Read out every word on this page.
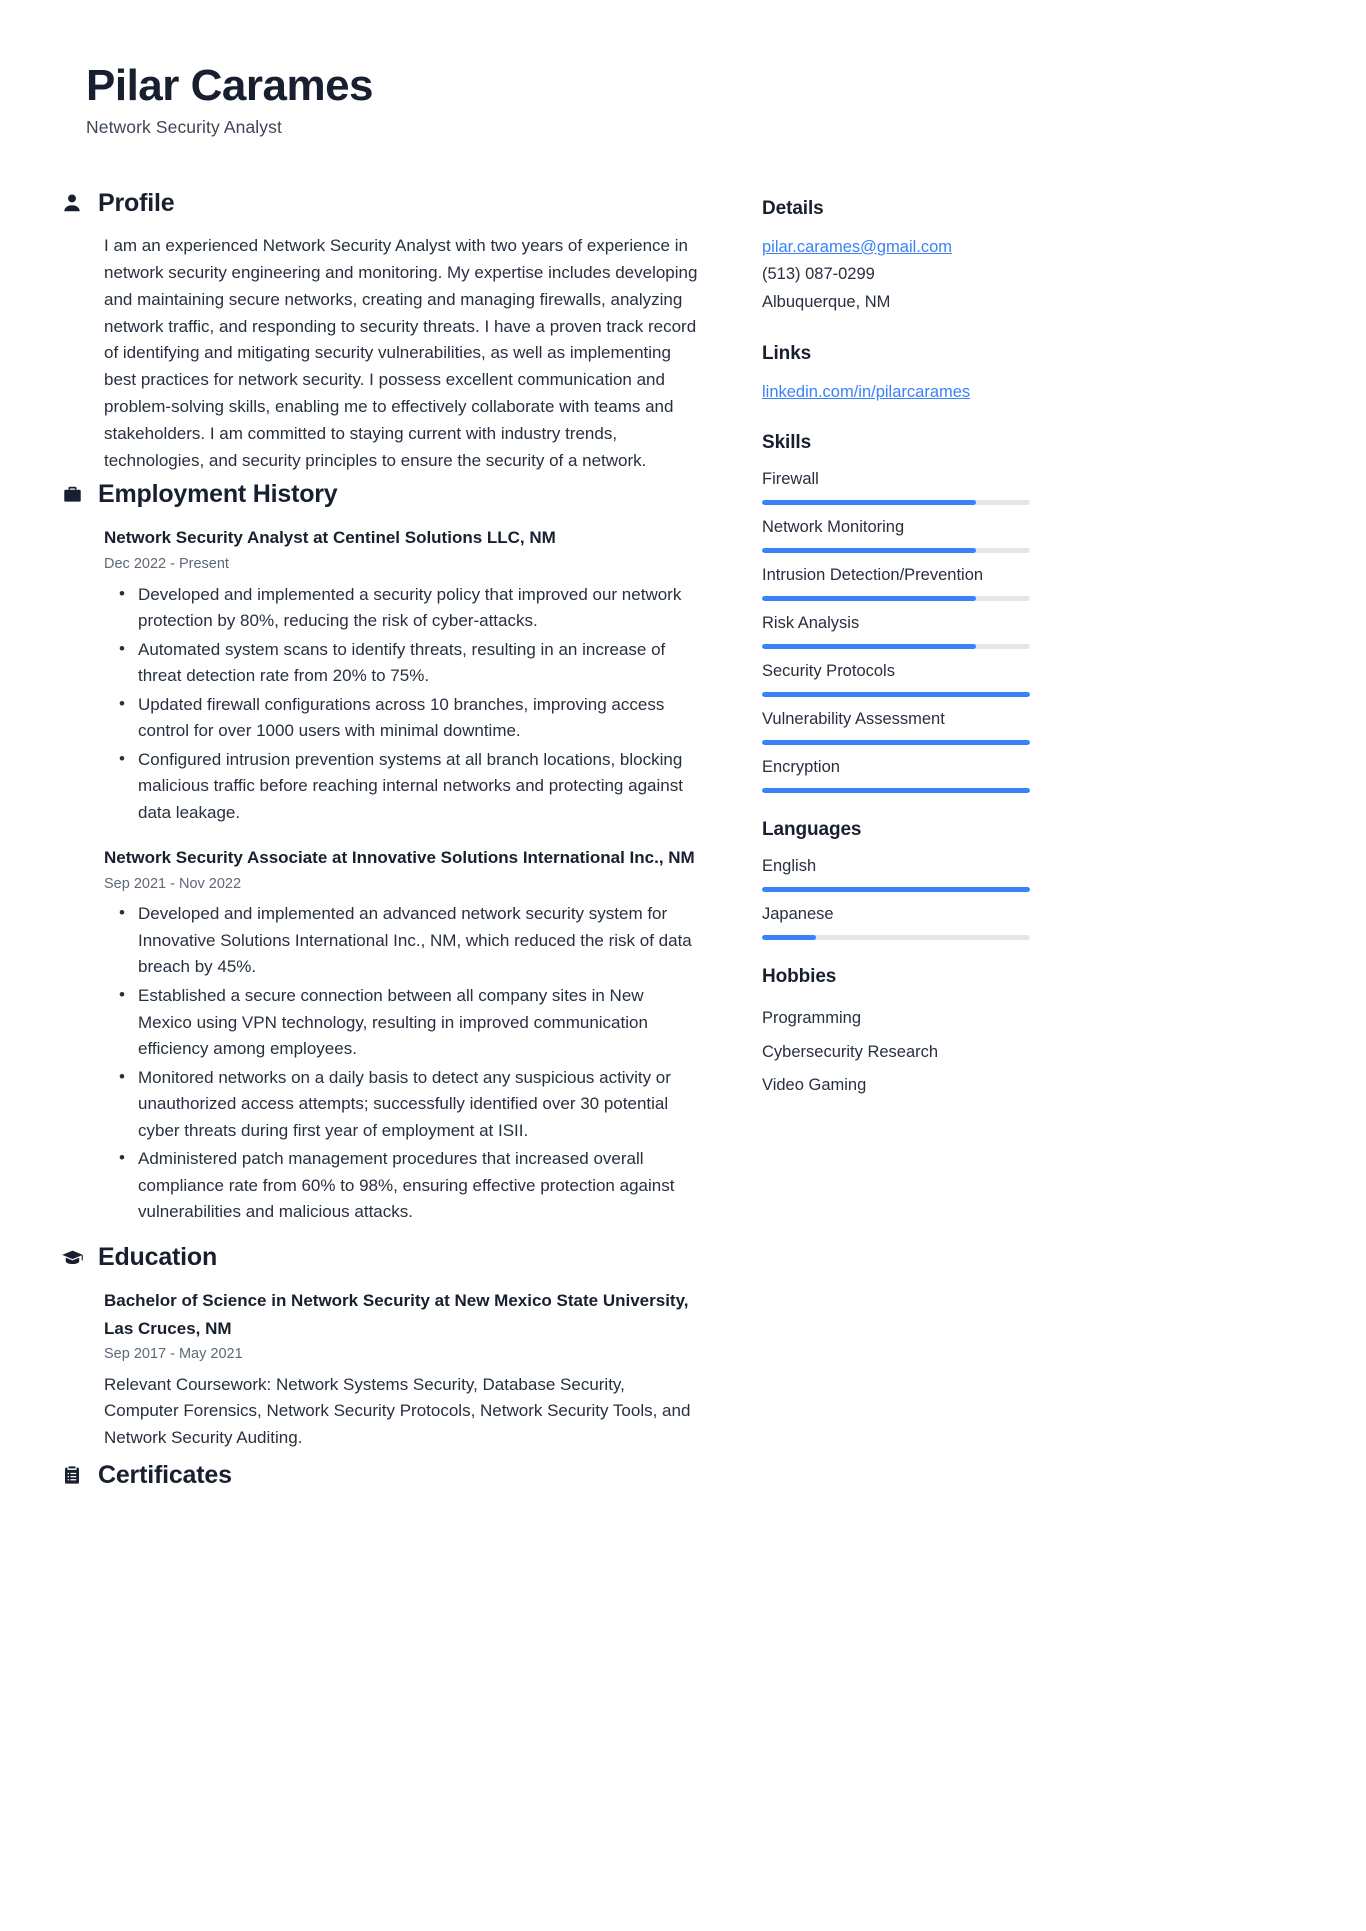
Pilar Carames
Network Security Analyst
Profile
I am an experienced Network Security Analyst with two years of experience in network security engineering and monitoring. My expertise includes developing and maintaining secure networks, creating and managing firewalls, analyzing network traffic, and responding to security threats. I have a proven track record of identifying and mitigating security vulnerabilities, as well as implementing best practices for network security. I possess excellent communication and problem-solving skills, enabling me to effectively collaborate with teams and stakeholders. I am committed to staying current with industry trends, technologies, and security principles to ensure the security of a network.
Employment History
Network Security Analyst at Centinel Solutions LLC, NM
Dec 2022 - Present
• Developed and implemented a security policy that improved our network protection by 80%, reducing the risk of cyber-attacks.
• Automated system scans to identify threats, resulting in an increase of threat detection rate from 20% to 75%.
• Updated firewall configurations across 10 branches, improving access control for over 1000 users with minimal downtime.
• Configured intrusion prevention systems at all branch locations, blocking malicious traffic before reaching internal networks and protecting against data leakage.
Network Security Associate at Innovative Solutions International Inc., NM
Sep 2021 - Nov 2022
• Developed and implemented an advanced network security system for Innovative Solutions International Inc., NM, which reduced the risk of data breach by 45%.
• Established a secure connection between all company sites in New Mexico using VPN technology, resulting in improved communication efficiency among employees.
• Monitored networks on a daily basis to detect any suspicious activity or unauthorized access attempts; successfully identified over 30 potential cyber threats during first year of employment at ISII.
• Administered patch management procedures that increased overall compliance rate from 60% to 98%, ensuring effective protection against vulnerabilities and malicious attacks.
Education
Bachelor of Science in Network Security at New Mexico State University, Las Cruces, NM
Sep 2017 - May 2021

Relevant Coursework: Network Systems Security, Database Security, Computer Forensics, Network Security Protocols, Network Security Tools, and Network Security Auditing.

Certificates
Details
pilar.carames@gmail.com
(513) 087-0299
Albuquerque, NM
Links
linkedin.com/in/pilarcarames
Skills
Firewall
Network Monitoring
Intrusion Detection/Prevention
Risk Analysis
Security Protocols
Vulnerability Assessment
Encryption
Languages
English
Japanese
Hobbies
Programming
Cybersecurity Research
Video Gaming
